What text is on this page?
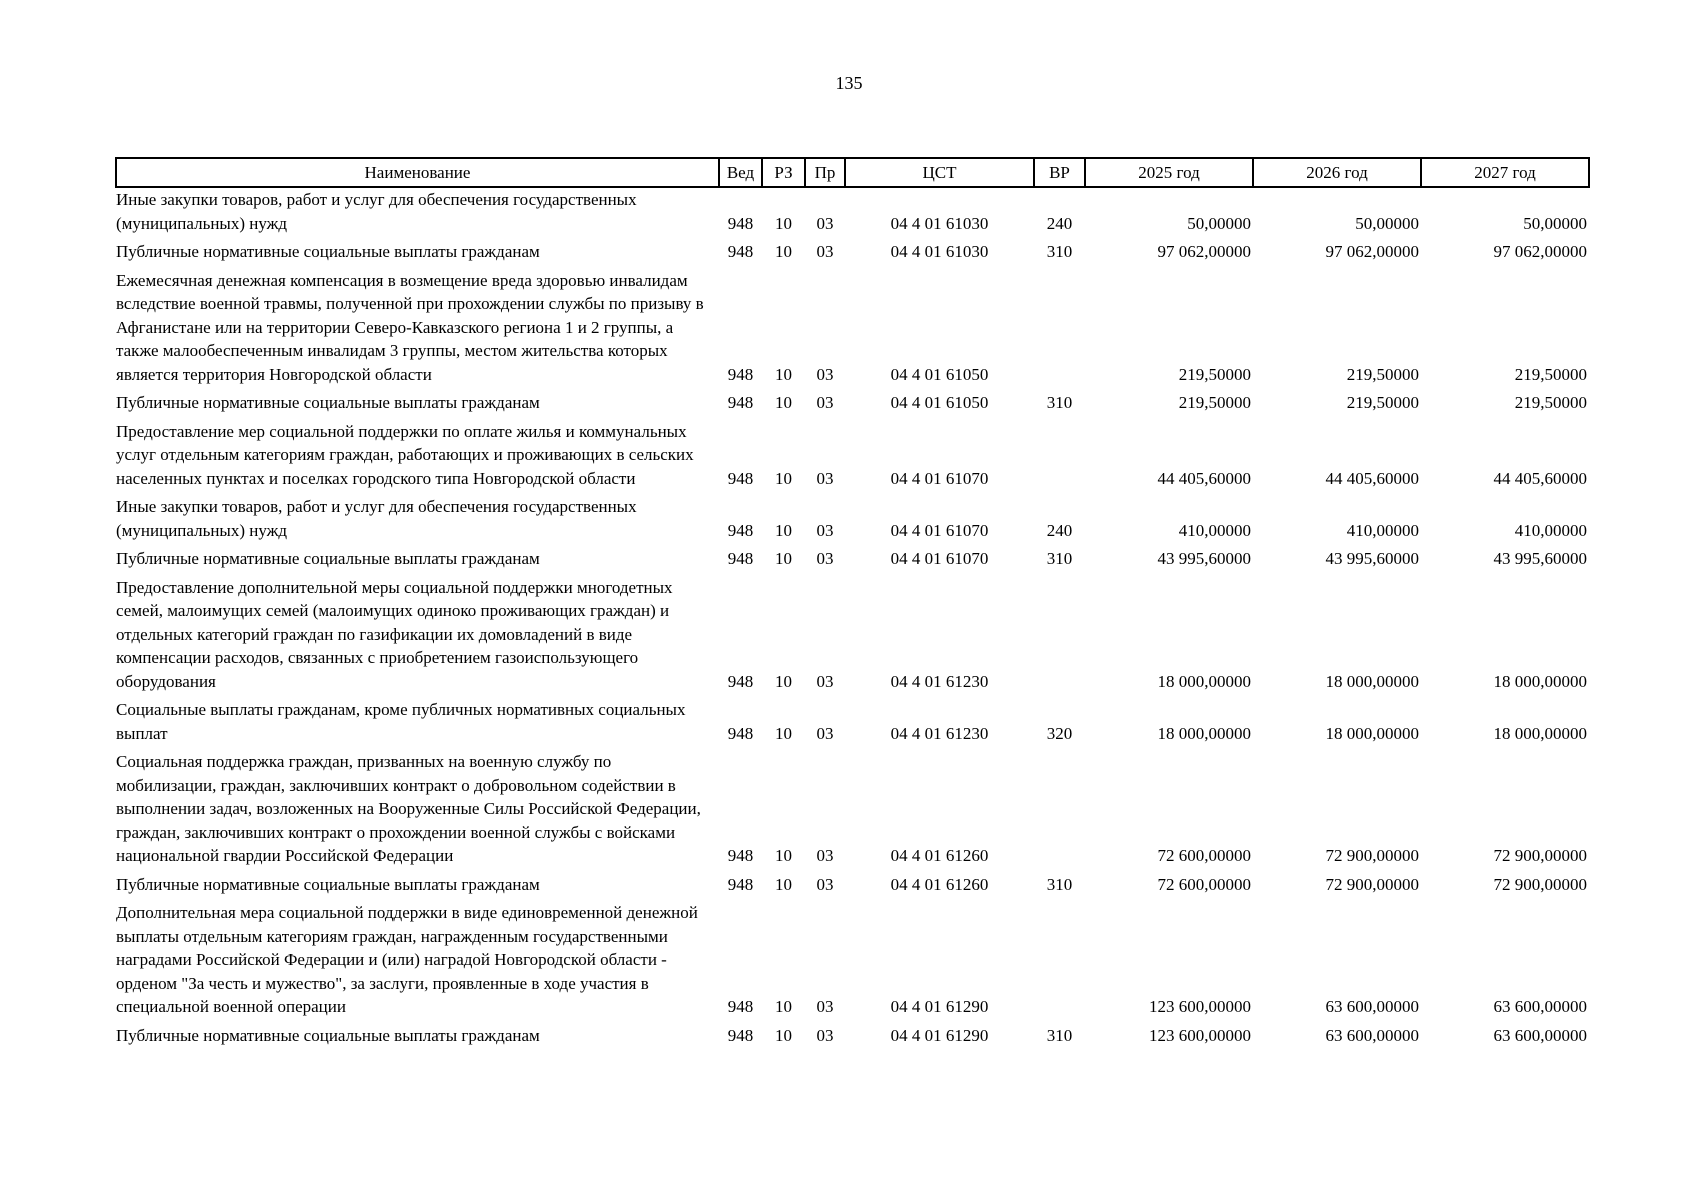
135
Наименование	Вед	РЗ	Пр	ЦСТ	ВР	2025 год	2026 год	2027 год
Иные закупки товаров, работ и услуг для обеспечения государственных (муниципальных) нужд	948	10	03	04 4 01 61030	240	50,00000	50,00000	50,00000
Публичные нормативные социальные выплаты гражданам	948	10	03	04 4 01 61030	310	97 062,00000	97 062,00000	97 062,00000
Ежемесячная денежная компенсация в возмещение вреда здоровью инвалидам вследствие военной травмы, полученной при прохождении службы по призыву в Афганистане или на территории Северо-Кавказского региона 1 и 2 группы, а также малообеспеченным инвалидам 3 группы, местом жительства которых является территория Новгородской области	948	10	03	04 4 01 61050		219,50000	219,50000	219,50000
Публичные нормативные социальные выплаты гражданам	948	10	03	04 4 01 61050	310	219,50000	219,50000	219,50000
Предоставление мер социальной поддержки по оплате жилья и коммунальных услуг отдельным категориям граждан, работающих и проживающих в сельских населенных пунктах и поселках городского типа Новгородской области	948	10	03	04 4 01 61070		44 405,60000	44 405,60000	44 405,60000
Иные закупки товаров, работ и услуг для обеспечения государственных (муниципальных) нужд	948	10	03	04 4 01 61070	240	410,00000	410,00000	410,00000
Публичные нормативные социальные выплаты гражданам	948	10	03	04 4 01 61070	310	43 995,60000	43 995,60000	43 995,60000
Предоставление дополнительной меры социальной поддержки многодетных семей, малоимущих семей (малоимущих одиноко проживающих граждан) и отдельных категорий граждан по газификации их домовладений в виде компенсации расходов, связанных с приобретением газоиспользующего оборудования	948	10	03	04 4 01 61230		18 000,00000	18 000,00000	18 000,00000
Социальные выплаты гражданам, кроме публичных нормативных социальных выплат	948	10	03	04 4 01 61230	320	18 000,00000	18 000,00000	18 000,00000
Социальная поддержка граждан, призванных на военную службу по мобилизации, граждан, заключивших контракт о добровольном содействии в выполнении задач, возложенных на Вооруженные Силы Российской Федерации, граждан, заключивших контракт о прохождении военной службы с войсками национальной гвардии Российской Федерации	948	10	03	04 4 01 61260		72 600,00000	72 900,00000	72 900,00000
Публичные нормативные социальные выплаты гражданам	948	10	03	04 4 01 61260	310	72 600,00000	72 900,00000	72 900,00000
Дополнительная мера социальной поддержки в виде единовременной денежной выплаты отдельным категориям граждан, награжденным государственными наградами Российской Федерации и (или) наградой Новгородской области - орденом "За честь и мужество", за заслуги, проявленные в ходе участия в специальной военной операции	948	10	03	04 4 01 61290		123 600,00000	63 600,00000	63 600,00000
Публичные нормативные социальные выплаты гражданам	948	10	03	04 4 01 61290	310	123 600,00000	63 600,00000	63 600,00000
